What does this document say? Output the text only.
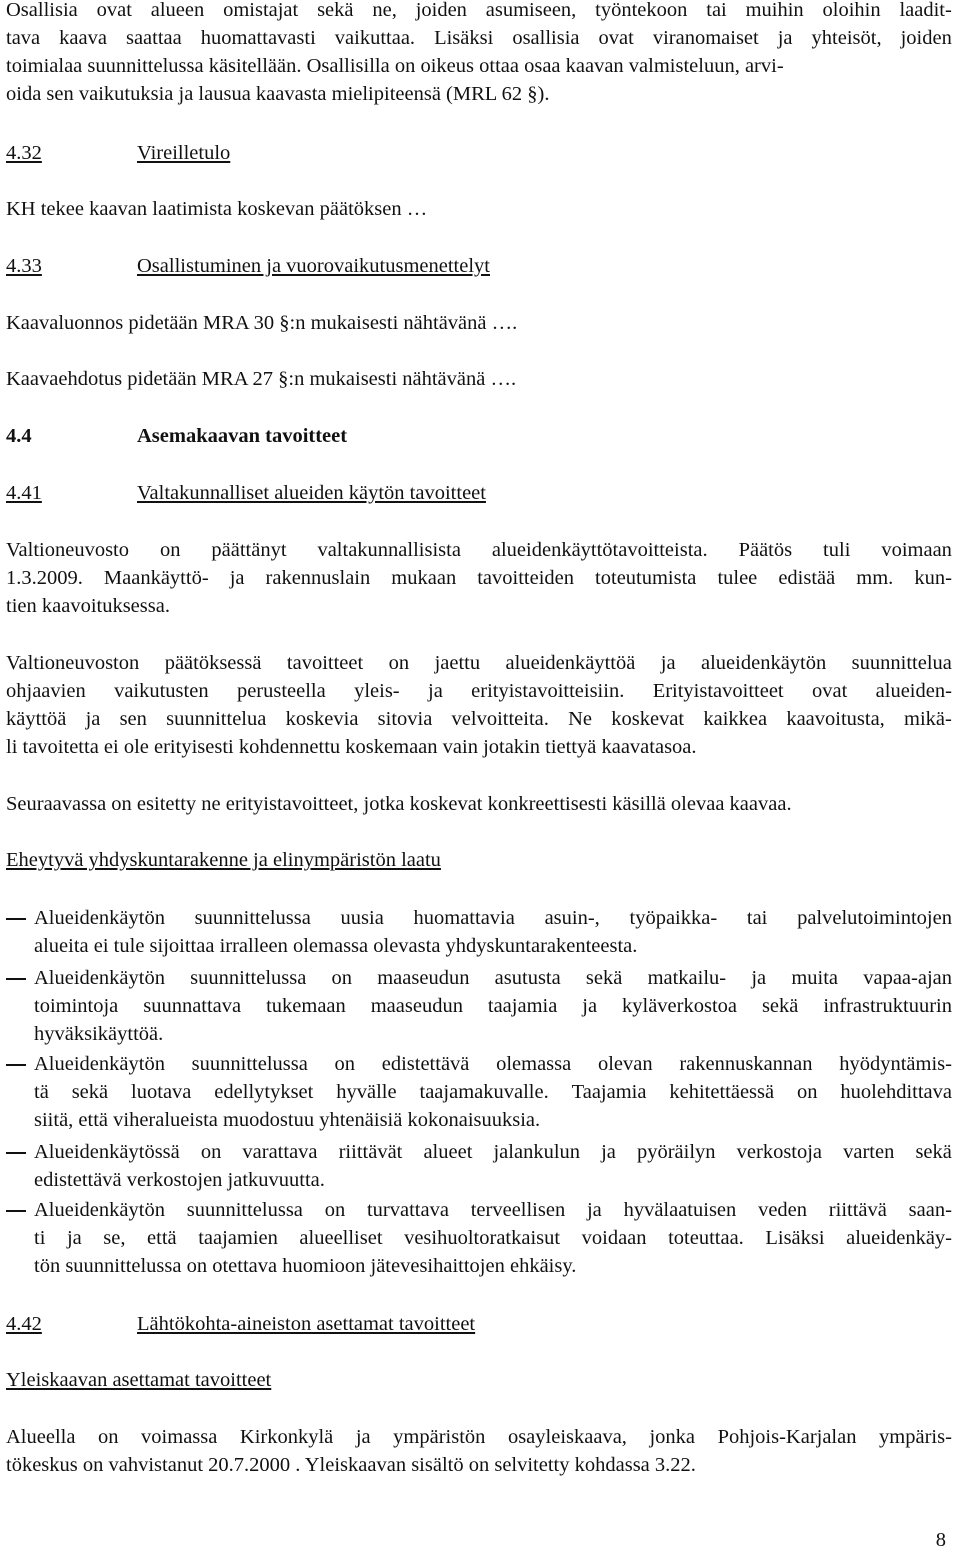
Osallisia ovat alueen omistajat sekä ne, joiden asumiseen, työntekoon tai muihin oloihin laadit-
tava kaava saattaa huomattavasti vaikuttaa. Lisäksi osallisia ovat viranomaiset ja yhteisöt, joiden
toimialaa suunnittelussa käsitellään. Osallisilla on oikeus ottaa osaa kaavan valmisteluun, arvi-
oida sen vaikutuksia ja lausua kaavasta mielipiteensä (MRL 62 §).
4.32	Vireilletulo
KH tekee kaavan laatimista koskevan päätöksen …
4.33	Osallistuminen ja vuorovaikutusmenettelyt
Kaavaluonnos pidetään MRA 30 §:n mukaisesti nähtävänä ….
Kaavaehdotus pidetään MRA 27 §:n mukaisesti nähtävänä ….
4.4	Asemakaavan tavoitteet
4.41	Valtakunnalliset alueiden käytön tavoitteet
Valtioneuvosto on päättänyt valtakunnallisista alueidenkäyttötavoitteista. Päätös tuli voimaan
1.3.2009. Maankäyttö- ja rakennuslain mukaan tavoitteiden toteutumista tulee edistää mm. kun-
tien kaavoituksessa.
Valtioneuvoston päätöksessä tavoitteet on jaettu alueidenkäyttöä ja alueidenkäytön suunnittelua
ohjaavien vaikutusten perusteella yleis- ja erityistavoitteisiin. Erityistavoitteet ovat alueiden-
käyttöä ja sen suunnittelua koskevia sitovia velvoitteita. Ne koskevat kaikkea kaavoitusta, mikä-
li tavoitetta ei ole erityisesti kohdennettu koskemaan vain jotakin tiettyä kaavatasoa.
Seuraavassa on esitetty ne erityistavoitteet, jotka koskevat konkreettisesti käsillä olevaa kaavaa.
Eheytyvä yhdyskuntarakenne ja elinympäristön laatu
Alueidenkäytön suunnittelussa uusia huomattavia asuin-, työpaikka- tai palvelutoimintojen
alueita ei tule sijoittaa irralleen olemassa olevasta yhdyskuntarakenteesta.
Alueidenkäytön suunnittelussa on maaseudun asutusta sekä matkailu- ja muita vapaa-ajan
toimintoja suunnattava tukemaan maaseudun taajamia ja kyläverkostoa sekä infrastruktuurin
hyväksikäyttöä.
Alueidenkäytön suunnittelussa on edistettävä olemassa olevan rakennuskannan hyödyntämis-
tä sekä luotava edellytykset hyvälle taajamakuvalle. Taajamia kehitettäessä on huolehdittava
siitä, että viheralueista muodostuu yhtenäisiä kokonaisuuksia.
Alueidenkäytössä on varattava riittävät alueet jalankulun ja pyöräilyn verkostoja varten sekä
edistettävä verkostojen jatkuvuutta.
Alueidenkäytön suunnittelussa on turvattava terveellisen ja hyvälaatuisen veden riittävä saan-
ti ja se, että taajamien alueelliset vesihuoltoratkaisut voidaan toteuttaa. Lisäksi alueidenkäy-
tön suunnittelussa on otettava huomioon jätevesihaittojen ehkäisy.
4.42	Lähtökohta-aineiston asettamat tavoitteet
Yleiskaavan asettamat tavoitteet
Alueella on voimassa Kirkonkylä ja ympäristön osayleiskaava, jonka Pohjois-Karjalan ympäris-
tökeskus on vahvistanut 20.7.2000 . Yleiskaavan sisältö on selvitetty kohdassa 3.22.
8
